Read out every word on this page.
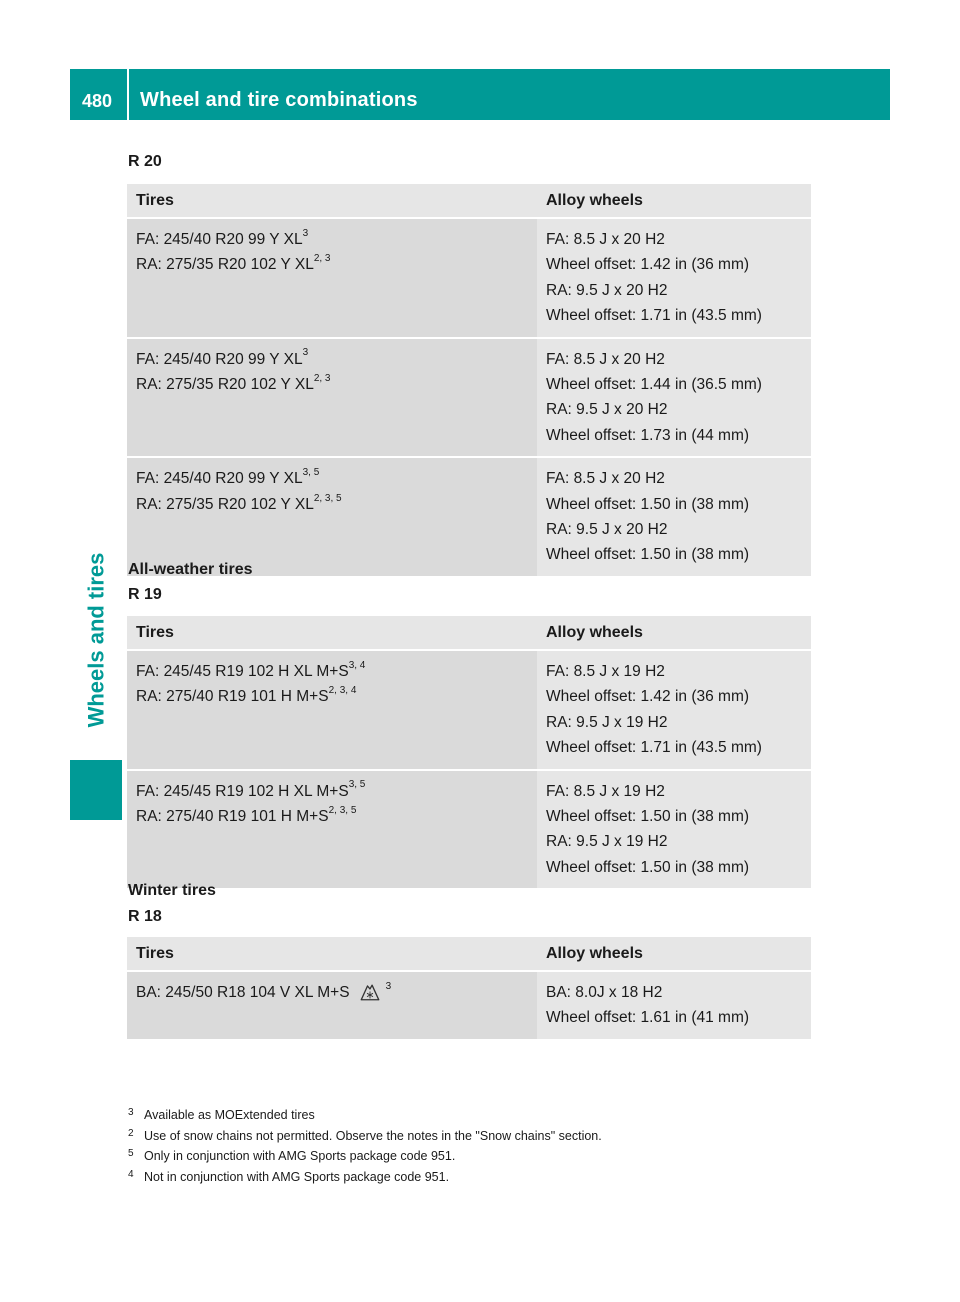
480 Wheel and tire combinations
Wheels and tires
R 20
Tires	Alloy wheels

FA: 245/40 R20 99 Y $XL^3$
RA: 275/35 R20 102 Y XL$^{2, 3}$	FA: 8.5 J x 20 H2
Wheel offset: 1.42 in (36 mm)
RA: 9.5 J x 20 H2
Wheel offset: 1.71 in (43.5 mm)

FA: 245/40 R20 99 Y $XL^3$
RA: 275/35 R20 102 Y XL$^{2, 3}$	FA: 8.5 J x 20 H2
Wheel offset: 1.44 in (36.5 mm)
RA: 9.5 J x 20 H2
Wheel offset: 1.73 in (44 mm)

FA: 245/40 R20 99 Y XL$^{3, 5}$
RA: 275/35 R20 102 Y XL$^{2, 3, 5}$	FA: 8.5 J x 20 H2
Wheel offset: 1.50 in (38 mm)
RA: 9.5 J x 20 H2
Wheel offset: 1.50 in (38 mm)
All-weather tires
R 19
Tires	Alloy wheels

FA: 245/45 R19 102 H XL $M+S^{3, 4}$
RA: 275/40 R19 101 H $M+S^{2, 3, 4}$	FA: 8.5 J x 19 H2
Wheel offset: 1.42 in (36 mm)
RA: 9.5 J x 19 H2
Wheel offset: 1.71 in (43.5 mm)

FA: 245/45 R19 102 H XL $M+S^{3, 5}$
RA: 275/40 R19 101 H $M+S^{2, 3, 5}$	FA: 8.5 J x 19 H2
Wheel offset: 1.50 in (38 mm)
RA: 9.5 J x 19 H2
Wheel offset: 1.50 in (38 mm)
Winter tires
R 18
Tires	Alloy wheels

BA: 245/50 R18 104 V XL M+S $^3$	BA: 8.0J x 18 H2
Wheel offset: 1.61 in (41 mm)
3 Available as MOExtended tires
2 Use of snow chains not permitted. Observe the notes in the "Snow chains" section.
5 Only in conjunction with AMG Sports package code 951.
4 Not in conjunction with AMG Sports package code 951.
